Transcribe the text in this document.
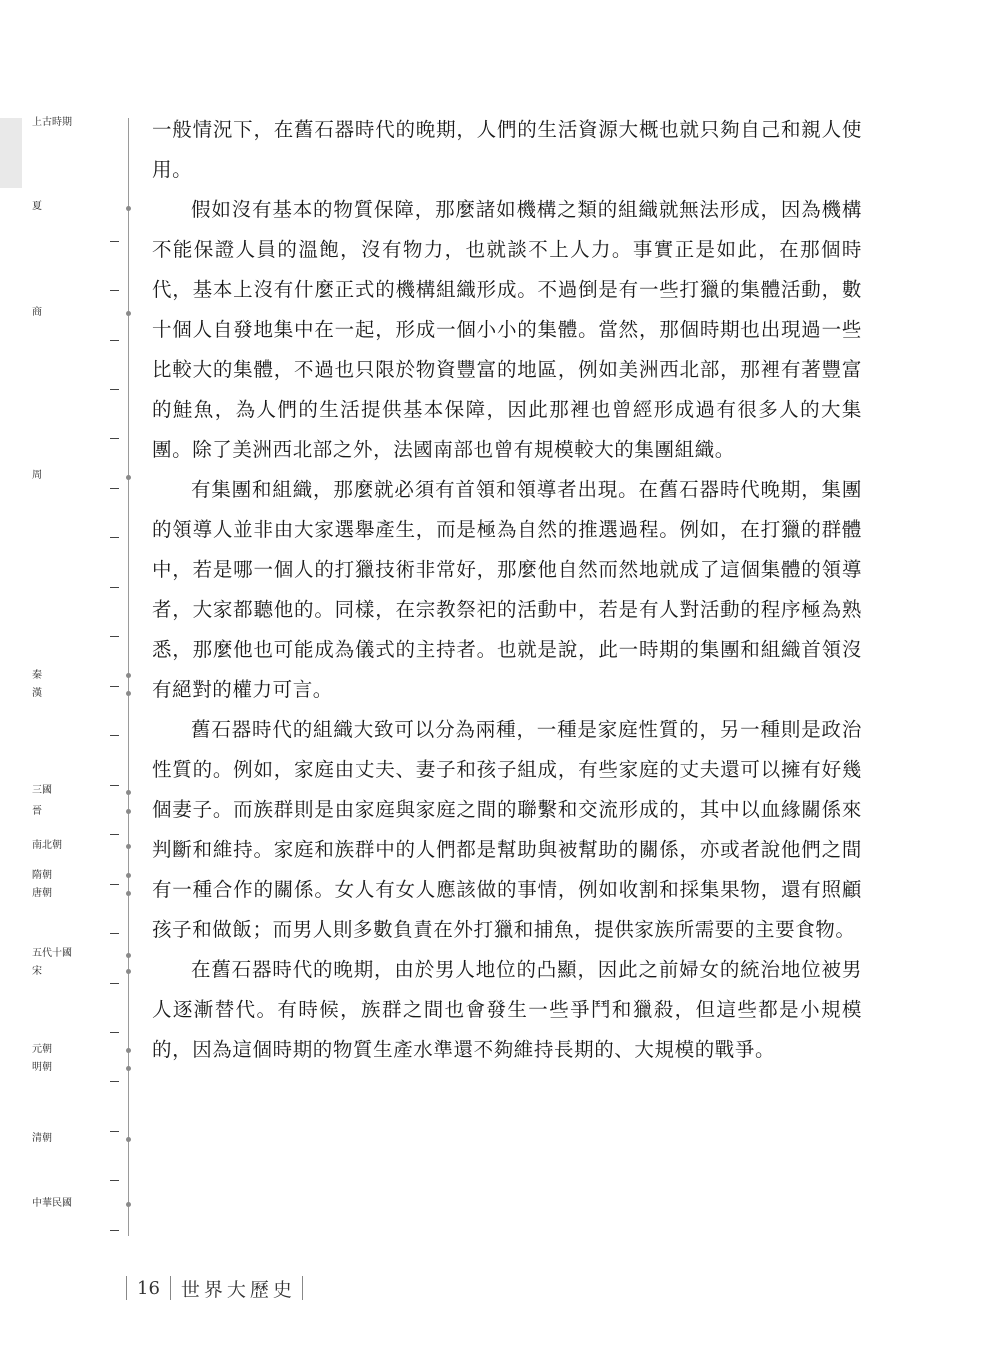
上古時期
夏
商
周
秦
漢
三國
晉
南北朝
隋朝
唐朝
五代十國
宋
元朝
明朝
清朝
中華民國

一般情況下，在舊石器時代的晚期，人們的生活資源大概也就只夠自己和親人使用。

假如沒有基本的物質保障，那麼諸如機構之類的組織就無法形成，因為機構不能保證人員的溫飽，沒有物力，也就談不上人力。事實正是如此，在那個時代，基本上沒有什麼正式的機構組織形成。不過倒是有一些打獵的集體活動，數十個人自發地集中在一起，形成一個小小的集體。當然，那個時期也出現過一些比較大的集體，不過也只限於物資豐富的地區，例如美洲西北部，那裡有著豐富的鮭魚，為人們的生活提供基本保障，因此那裡也曾經形成過有很多人的大集團。除了美洲西北部之外，法國南部也曾有規模較大的集團組織。

有集團和組織，那麼就必須有首領和領導者出現。在舊石器時代晚期，集團的領導人並非由大家選舉產生，而是極為自然的推選過程。例如，在打獵的群體中，若是哪一個人的打獵技術非常好，那麼他自然而然地就成了這個集體的領導者，大家都聽他的。同樣，在宗教祭祀的活動中，若是有人對活動的程序極為熟悉，那麼他也可能成為儀式的主持者。也就是說，此一時期的集團和組織首領沒有絕對的權力可言。

舊石器時代的組織大致可以分為兩種，一種是家庭性質的，另一種則是政治性質的。例如，家庭由丈夫、妻子和孩子組成，有些家庭的丈夫還可以擁有好幾個妻子。而族群則是由家庭與家庭之間的聯繫和交流形成的，其中以血緣關係來判斷和維持。家庭和族群中的人們都是幫助與被幫助的關係，亦或者說他們之間有一種合作的關係。女人有女人應該做的事情，例如收割和採集果物，還有照顧孩子和做飯；而男人則多數負責在外打獵和捕魚，提供家族所需要的主要食物。

在舊石器時代的晚期，由於男人地位的凸顯，因此之前婦女的統治地位被男人逐漸替代。有時候，族群之間也會發生一些爭鬥和獵殺，但這些都是小規模的，因為這個時期的物質生產水準還不夠維持長期的、大規模的戰爭。

16	世界大歷史
